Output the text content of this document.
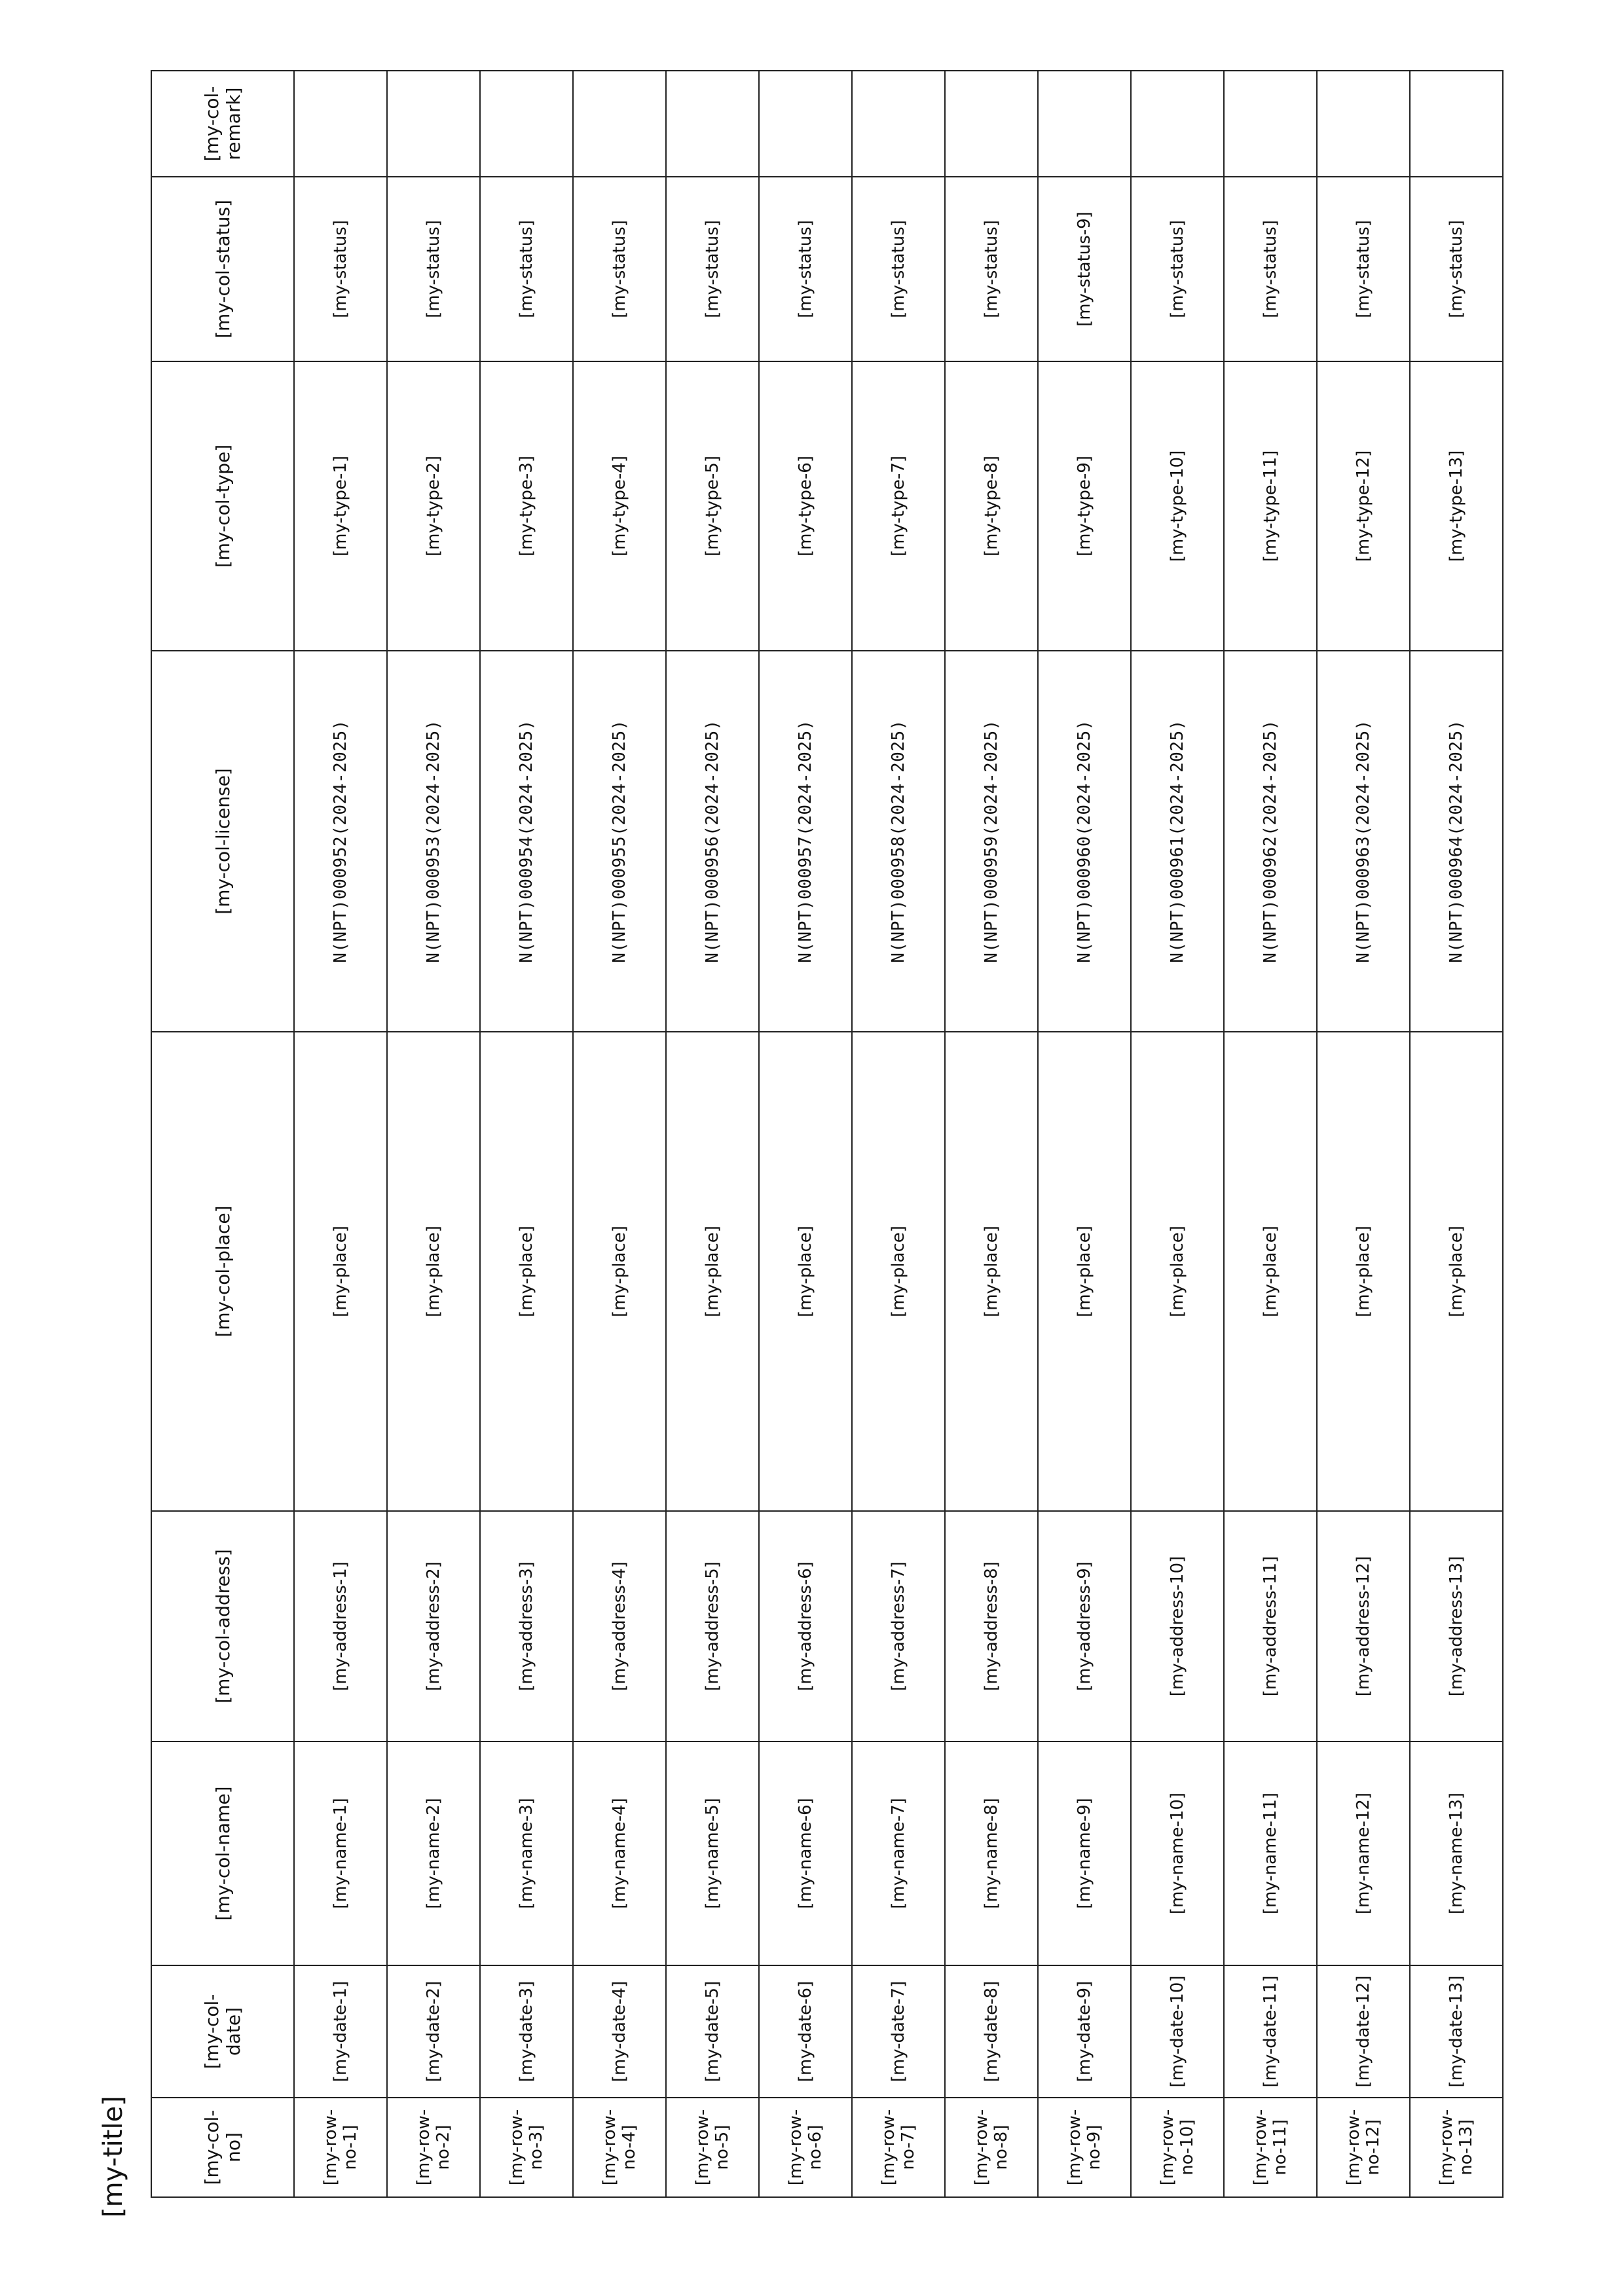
[my-title]	[my-col-no]	[my-col-date]	[my-col-name]	[my-col-address]	[my-col-place]	[my-col-license]	[my-col-type]	[my-col-status]	[my-col-remark]
[my-row-no-1]	[my-date-1]	[my-name-1]	[my-address-1]	[my-place]	N(NPT)000952(2024-2025)	[my-type-1]	[my-status]	
[my-row-no-2]	[my-date-2]	[my-name-2]	[my-address-2]	[my-place]	N(NPT)000953(2024-2025)	[my-type-2]	[my-status]	
[my-row-no-3]	[my-date-3]	[my-name-3]	[my-address-3]	[my-place]	N(NPT)000954(2024-2025)	[my-type-3]	[my-status]	
[my-row-no-4]	[my-date-4]	[my-name-4]	[my-address-4]	[my-place]	N(NPT)000955(2024-2025)	[my-type-4]	[my-status]	
[my-row-no-5]	[my-date-5]	[my-name-5]	[my-address-5]	[my-place]	N(NPT)000956(2024-2025)	[my-type-5]	[my-status]	
[my-row-no-6]	[my-date-6]	[my-name-6]	[my-address-6]	[my-place]	N(NPT)000957(2024-2025)	[my-type-6]	[my-status]	
[my-row-no-7]	[my-date-7]	[my-name-7]	[my-address-7]	[my-place]	N(NPT)000958(2024-2025)	[my-type-7]	[my-status]	
[my-row-no-8]	[my-date-8]	[my-name-8]	[my-address-8]	[my-place]	N(NPT)000959(2024-2025)	[my-type-8]	[my-status]	
[my-row-no-9]	[my-date-9]	[my-name-9]	[my-address-9]	[my-place]	N(NPT)000960(2024-2025)	[my-type-9]	[my-status-9]	
[my-row-no-10]	[my-date-10]	[my-name-10]	[my-address-10]	[my-place]	N(NPT)000961(2024-2025)	[my-type-10]	[my-status]	
[my-row-no-11]	[my-date-11]	[my-name-11]	[my-address-11]	[my-place]	N(NPT)000962(2024-2025)	[my-type-11]	[my-status]	
[my-row-no-12]	[my-date-12]	[my-name-12]	[my-address-12]	[my-place]	N(NPT)000963(2024-2025)	[my-type-12]	[my-status]	
[my-row-no-13]	[my-date-13]	[my-name-13]	[my-address-13]	[my-place]	N(NPT)000964(2024-2025)	[my-type-13]	[my-status]	
